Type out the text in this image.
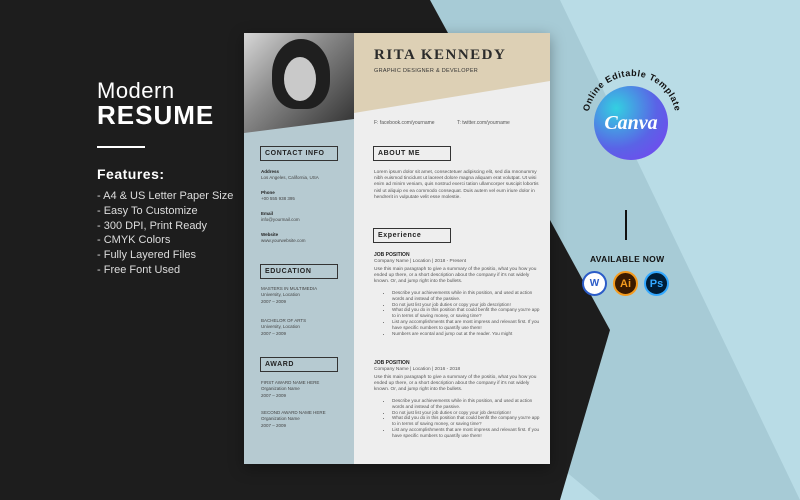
Modern
RESUME
Features:
- A4 & US Letter Paper Size
- Easy To Customize
- 300 DPI, Print Ready
- CMYK Colors
- Fully Layered Files
- Free Font Used
RITA KENNEDY
GRAPHIC DESIGNER & DEVELOPER
F: facebook.com/yourname	T: twitter.com/yourname
CONTACT INFO
Address
Los Angeles, California, USA
Phone
+00 555 938 395
Email
info@yourmail.com
Website
www.yourwebsite.com
EDUCATION
MASTERS IN MULTIMEDIA
University, Location
2007 – 2009
BACHELOR OF ARTS
University, Location
2007 – 2009
AWARD
FIRST AWARD NAME HERE
Organization Name
2007 – 2009
SECOND AWARD NAME HERE
Organization Name
2007 – 2009
ABOUT ME
Lorem ipsum dolor sit amet, consectetuer adipiscing elit, sed dia mnonummy nibh euismod tincidunt ut laoreet dolore magna aliquam erat volutpat. Ut wisi enim ad minim veniam, quis nostrud exerci tation ullamcorper suscipit lobortis nisl ut aliquip ex ea commodo consequat. Duis autem vel eum iriure dolor in hendrerit in vulputate velit esse molestie.
Experience
JOB POSITION
Company Name | Location | 2018 - Present
Use this main paragraph to give a summary of the positio, what you how you ended up there, or a short description about the company if it's not widely known. Or, and jump right into the bullets.
• Describe your achievements while in this position, and used at action words and instead of the passive.
• Do not just list your job duties or copy your job description!
• What did you do in this position that could benfit the company you're app to in terms of saving money, or saving time?
• List any accomplishments that are most impress and relevant first. If you have specific numbers to quantify use them!
• Numbers are econtal and jump out at the reader. You might
JOB POSITION
Company Name | Location | 2016 - 2018
Use this main paragraph to give a summary of the positio, what you how you ended up there, or a short description about the company if it's not widely known. Or, and jump right into the bullets.
• Describe your achievements while in this position, and used at action words and instead of the passive.
• Do not just list your job duties or copy your job description!
• What did you do in this position that could benfit the company you're app to in terms of saving money, or saving time?
• List any accomplishments that are most impress and relevant first. If you have specific numbers to quantify use them!
Online Editable Template
Canva
AVAILABLE NOW
W Ai Ps
